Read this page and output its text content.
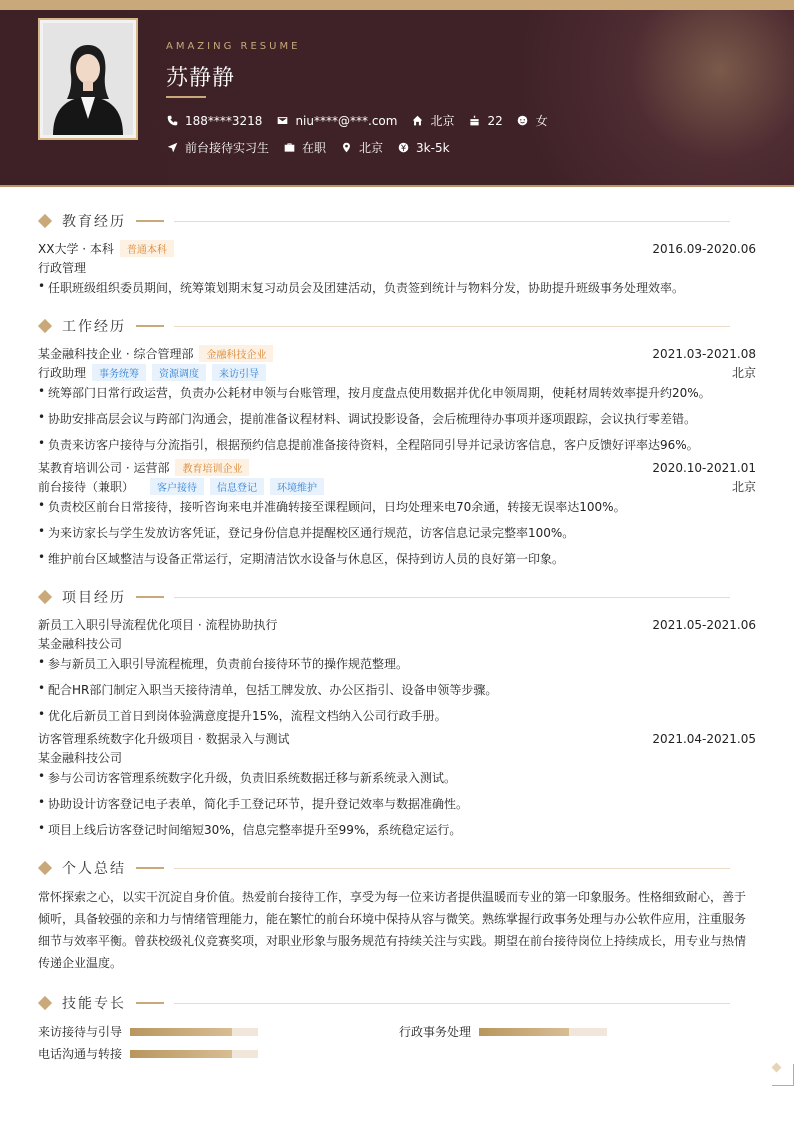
AMAZING RESUME
苏静静
188****3218	niu****@***.com	北京	22	女
前台接待实习生	在职	北京	3k-5k
教育经历
XX大学 · 本科	普通本科	2016.09-2020.06
行政管理
• 任职班级组织委员期间，统筹策划期末复习动员会及团建活动，负责签到统计与物料分发，协助提升班级事务处理效率。
工作经历
某金融科技企业 · 综合管理部	金融科技企业	2021.03-2021.08
行政助理	事务统筹	资源调度	来访引导	北京
• 统筹部门日常行政运营，负责办公耗材申领与台账管理，按月度盘点使用数据并优化申领周期，使耗材周转效率提升约20%。
• 协助安排高层会议与跨部门沟通会，提前准备议程材料、调试投影设备，会后梳理待办事项并逐项跟踪，会议执行零差错。
• 负责来访客户接待与分流指引，根据预约信息提前准备接待资料，全程陪同引导并记录访客信息，客户反馈好评率达96%。
某教育培训公司 · 运营部	教育培训企业	2020.10-2021.01
前台接待（兼职）	客户接待	信息登记	环境维护	北京
• 负责校区前台日常接待，接听咨询来电并准确转接至课程顾问，日均处理来电70余通，转接无误率达100%。
• 为来访家长与学生发放访客凭证，登记身份信息并提醒校区通行规范，访客信息记录完整率100%。
• 维护前台区域整洁与设备正常运行，定期清洁饮水设备与休息区，保持到访人员的良好第一印象。
项目经历
新员工入职引导流程优化项目 · 流程协助执行	2021.05-2021.06
某金融科技公司
• 参与新员工入职引导流程梳理，负责前台接待环节的操作规范整理。
• 配合HR部门制定入职当天接待清单，包括工牌发放、办公区指引、设备申领等步骤。
• 优化后新员工首日到岗体验满意度提升15%，流程文档纳入公司行政手册。
访客管理系统数字化升级项目 · 数据录入与测试	2021.04-2021.05
某金融科技公司
• 参与公司访客管理系统数字化升级，负责旧系统数据迁移与新系统录入测试。
• 协助设计访客登记电子表单，简化手工登记环节，提升登记效率与数据准确性。
• 项目上线后访客登记时间缩短30%，信息完整率提升至99%，系统稳定运行。
个人总结
常怀探索之心，以实干沉淀自身价值。热爱前台接待工作，享受为每一位来访者提供温暖而专业的第一印象服务。性格细致耐心，善于倾听，具备较强的亲和力与情绪管理能力，能在繁忙的前台环境中保持从容与微笑。熟练掌握行政事务处理与办公软件应用，注重服务细节与效率平衡。曾获校级礼仪竞赛奖项，对职业形象与服务规范有持续关注与实践。期望在前台接待岗位上持续成长，用专业与热情传递企业温度。
技能专长
来访接待与引导	行政事务处理
电话沟通与转接
